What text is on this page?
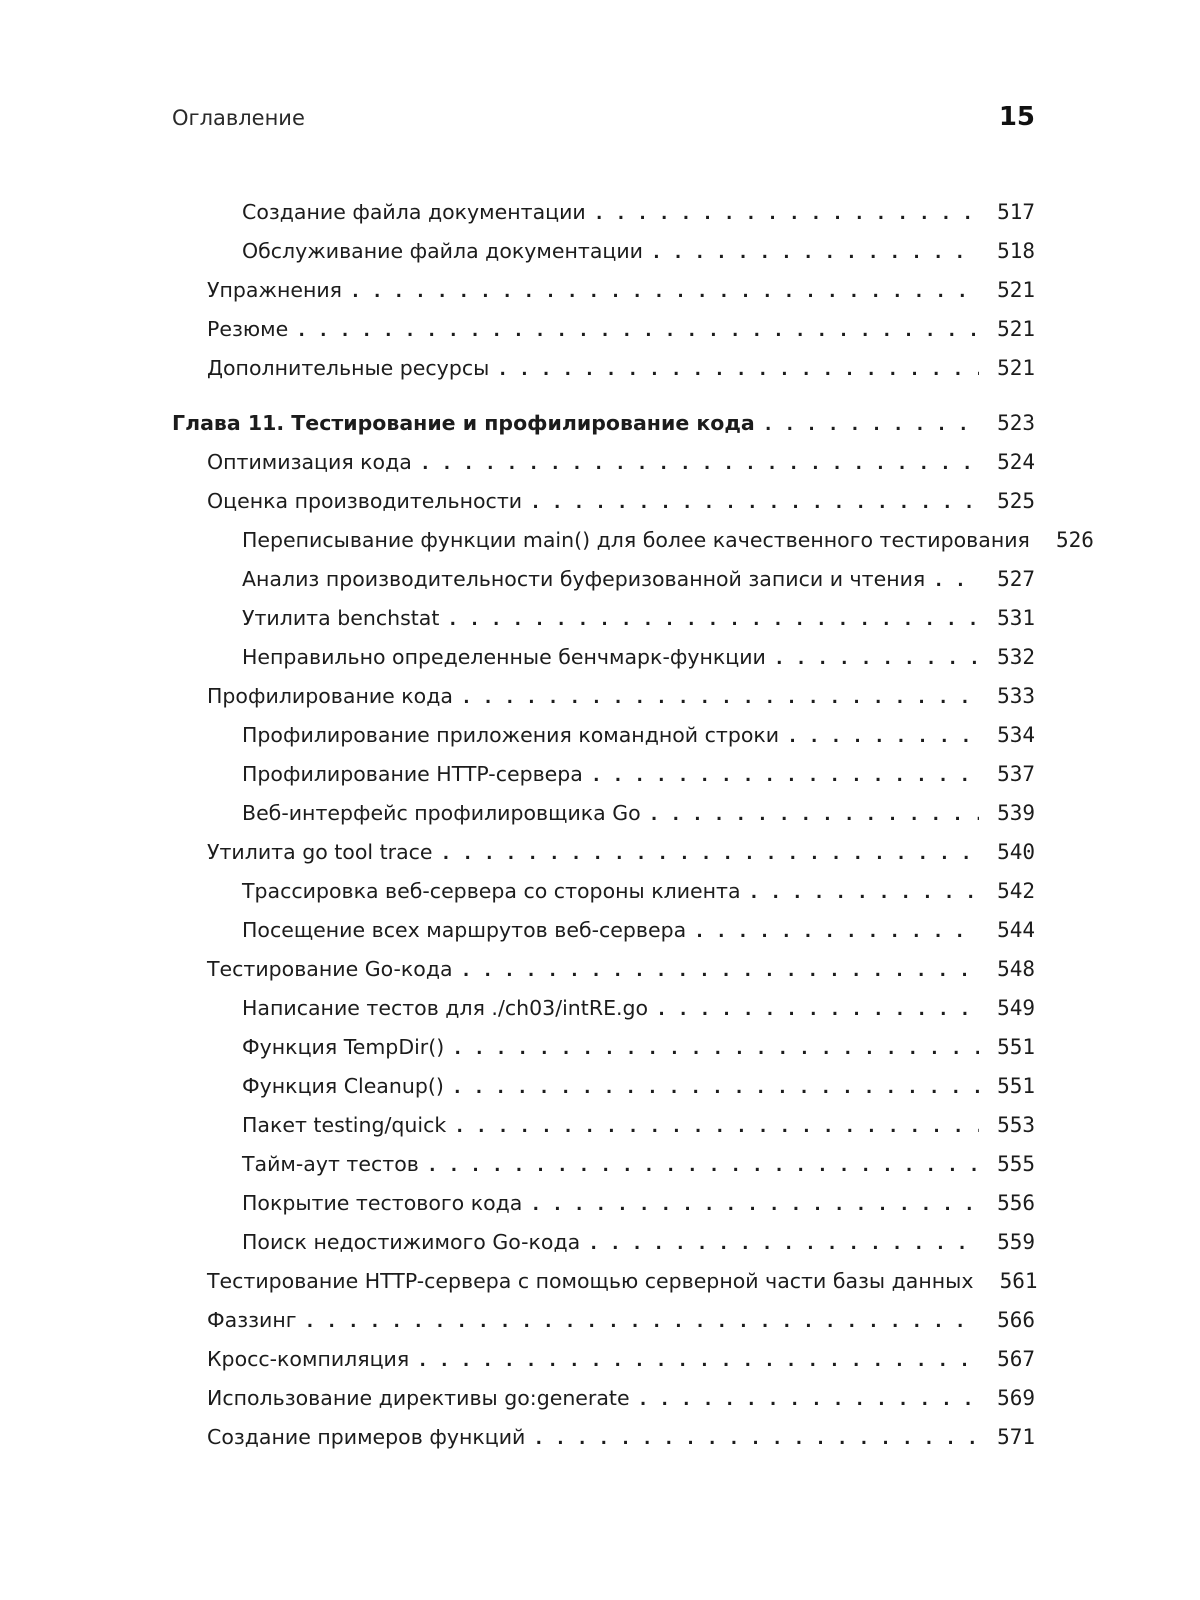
Оглавление	15
Создание файла документации . . .	517
Обслуживание файла документации . . .	518
Упражнения . . .	521
Резюме . . .	521
Дополнительные ресурсы . . .	521
Глава 11. Тестирование и профилирование кода . . .	523
Оптимизация кода . . .	524
Оценка производительности . . .	525
Переписывание функции main() для более качественного тестирования	526
Анализ производительности буферизованной записи и чтения . . .	527
Утилита benchstat . . .	531
Неправильно определенные бенчмарк-функции . . .	532
Профилирование кода . . .	533
Профилирование приложения командной строки . . .	534
Профилирование HTTP-сервера . . .	537
Веб-интерфейс профилировщика Go . . .	539
Утилита go tool trace . . .	540
Трассировка веб-сервера со стороны клиента . . .	542
Посещение всех маршрутов веб-сервера . . .	544
Тестирование Go-кода . . .	548
Написание тестов для ./ch03/intRE.go . . .	549
Функция TempDir() . . .	551
Функция Cleanup() . . .	551
Пакет testing/quick . . .	553
Тайм-аут тестов . . .	555
Покрытие тестового кода . . .	556
Поиск недостижимого Go-кода . . .	559
Тестирование HTTP-сервера с помощью серверной части базы данных	561
Фаззинг . . .	566
Кросс-компиляция . . .	567
Использование директивы go:generate . . .	569
Создание примеров функций . . .	571
